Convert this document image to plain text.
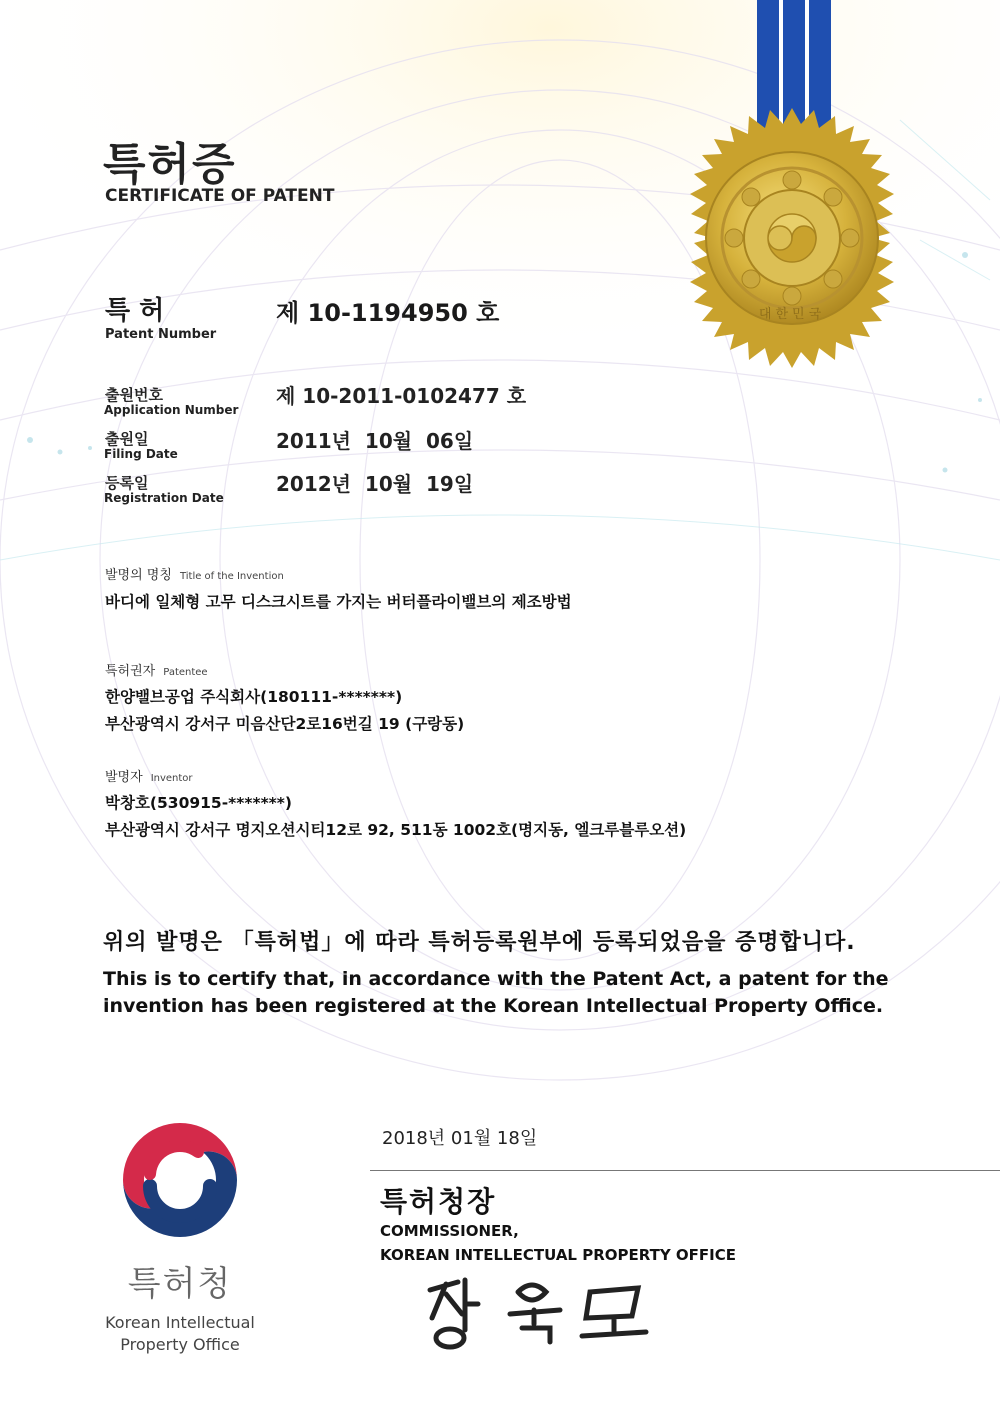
대한민국
특허증
CERTIFICATE OF PATENT
특 허
Patent Number
제 10-1194950 호
출원번호
Application Number
제 10-2011-0102477 호
출원일
Filing Date
2011년  10월  06일
등록일
Registration Date
2012년  10월  19일
발명의 명칭 Title of the Invention
바디에 일체형 고무 디스크시트를 가지는 버터플라이밸브의 제조방법
특허권자 Patentee
한양밸브공업 주식회사(180111-*******)
부산광역시 강서구 미음산단2로16번길 19 (구랑동)
발명자 Inventor
박창호(530915-*******)
부산광역시 강서구 명지오션시티12로 92, 511동 1002호(명지동, 엘크루블루오션)
위의 발명은 「특허법」에 따라 특허등록원부에 등록되었음을 증명합니다.
This is to certify that, in accordance with the Patent Act, a patent for the invention has been registered at the Korean Intellectual Property Office.
2018년 01월 18일
특허청장
COMMISSIONER,
KOREAN INTELLECTUAL PROPERTY OFFICE
특허청
Korean Intellectual
Property Office
